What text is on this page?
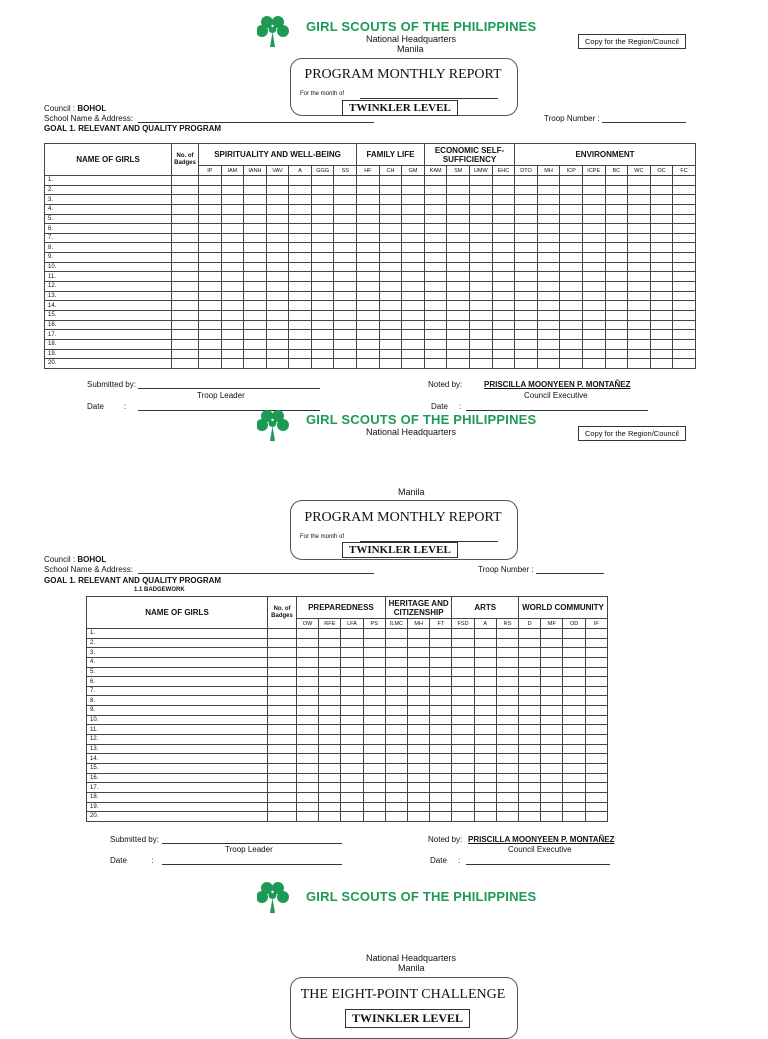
GIRL SCOUTS OF THE PHILIPPINES
National Headquarters
Manila
Copy for the Region/Council
PROGRAM MONTHLY REPORT
For the month of
TWINKLER LEVEL
Council : BOHOL
School Name & Address:	Troop Number :
GOAL 1. RELEVANT AND QUALITY PROGRAM
NAME OF GIRLS	No. of Badges	SPIRITUALITY AND WELL-BEING							FAMILY LIFE			ECONOMIC SELF-SUFFICIENCY				ENVIRONMENT							
		IP	IAM	IANH	VAV	A	GGG	SS	HF	CH	GM	KAM	SM	UMW	EHC	DTO	MH	ICP	ICPE	BC	WC	OC	FC
1.																							
2.																							
3.																							
4.																							
5.																							
6.																							
7.																							
8.																							
9.																							
10.																							
11.																							
12.																							
13.																							
14.																							
15.																							
16.																							
17.																							
18.																							
19.																							
20.																							
Submitted by:
Troop Leader
Date         :
Noted by:	PRISCILLA MOONYEEN P. MONTAÑEZ
Council Executive
Date     :
GIRL SCOUTS OF THE PHILIPPINES
National Headquarters	Copy for the Region/Council
Manila
PROGRAM MONTHLY REPORT
For the month of
TWINKLER LEVEL
Council : BOHOL
School Name & Address:	Troop Number :
GOAL 1. RELEVANT AND QUALITY PROGRAM
1.1 BADGEWORK
NAME OF GIRLS	No. of Badges	PREPAREDNESS				HERITAGE AND CITIZENSHIP			ARTS			WORLD COMMUNITY			
		OW	RFE	LFA	PS	ILMC	MH	FT	FSD	A	RS	D	MF	OD	IF
1.															
2.															
3.															
4.															
5.															
6.															
7.															
8.															
9.															
10.															
11.															
12.															
13.															
14.															
15.															
16.															
17.															
18.															
19.															
20.															
Submitted by:
Troop Leader
Date           :
Noted by: PRISCILLA MOONYEEN P. MONTAÑEZ
Council Executive
Date     :
GIRL SCOUTS OF THE PHILIPPINES
National Headquarters
Manila
THE EIGHT-POINT CHALLENGE
TWINKLER LEVEL
